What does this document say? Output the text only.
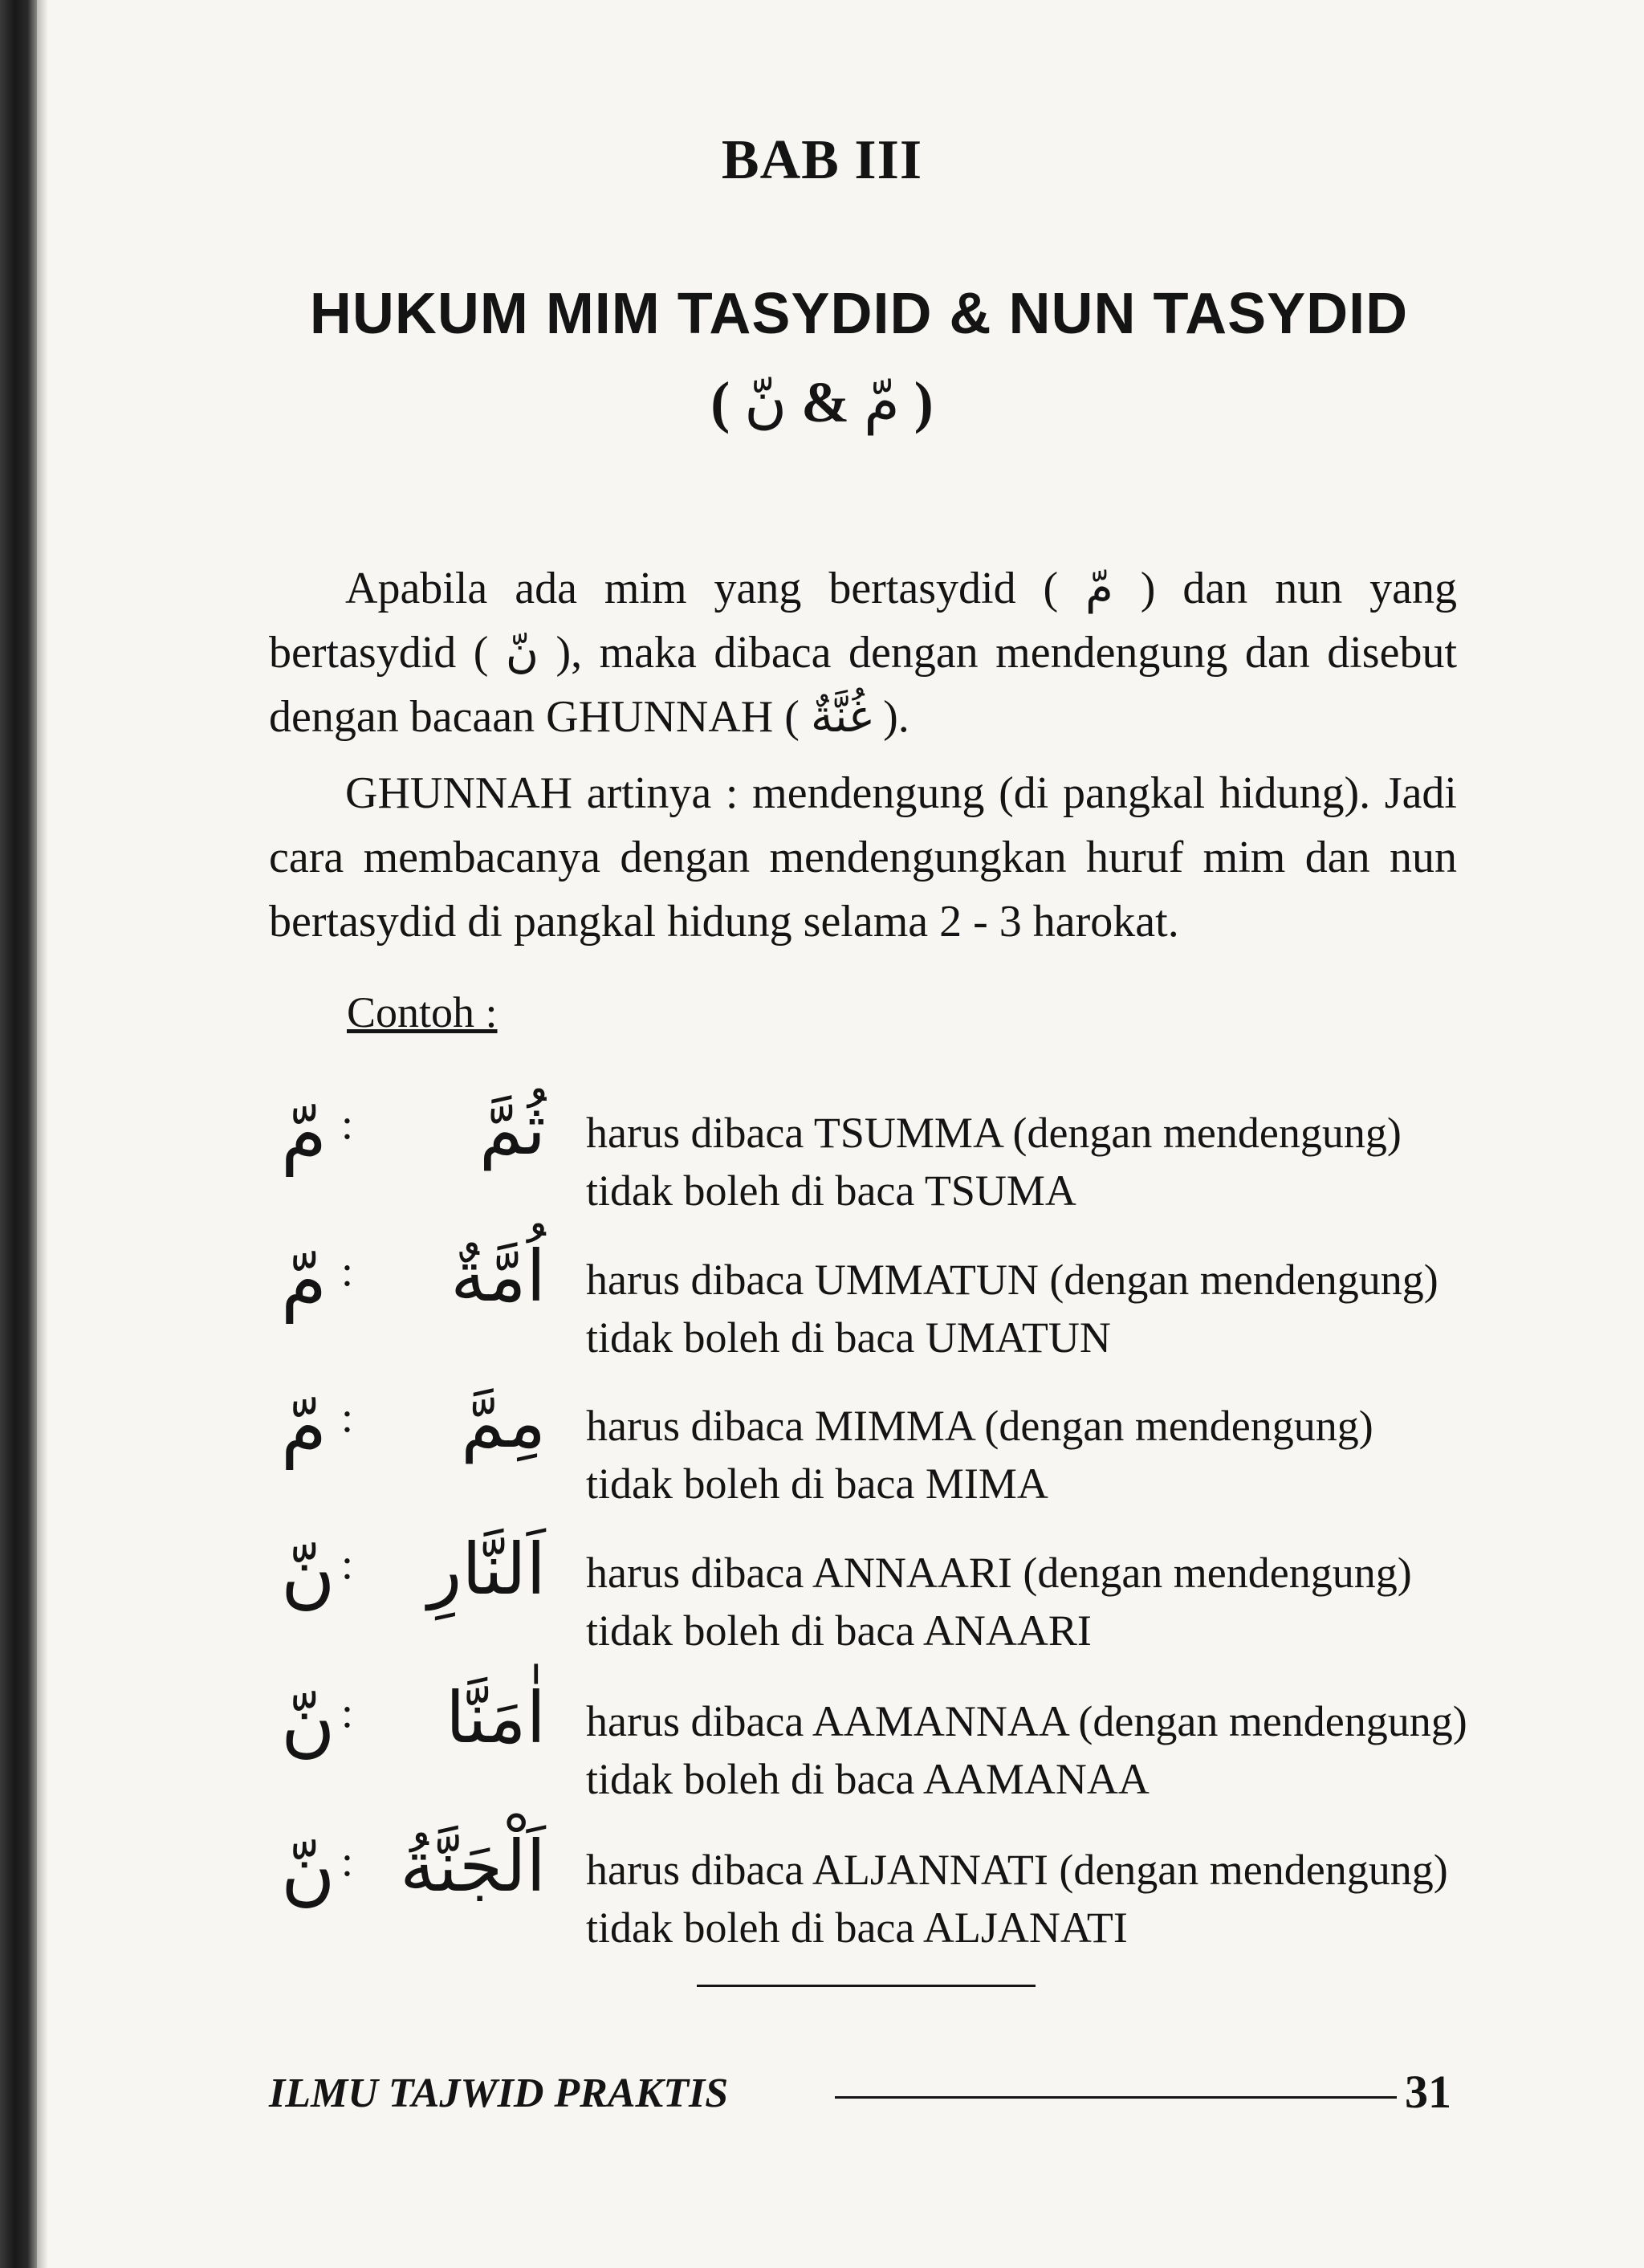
BAB III
HUKUM MIM TASYDID & NUN TASYDID
( مّ & نّ )
Apabila ada mim yang bertasydid ( مّ ) dan nun yang bertasydid ( نّ ), maka dibaca dengan mendengung dan disebut dengan bacaan GHUNNAH ( غُنَّةٌ ).
GHUNNAH artinya : mendengung (di pangkal hidung). Jadi cara membacanya dengan mendengungkan huruf mim dan nun bertasydid di pangkal hidung selama 2 - 3 harokat.
Contoh :
مّ :	ثُمَّ harus dibaca TSUMMA (dengan mendengung)
tidak boleh di baca TSUMA
مّ :	اُمَّةٌ harus dibaca UMMATUN (dengan mendengung)
tidak boleh di baca UMATUN
مّ :	مِمَّ harus dibaca MIMMA (dengan mendengung)
tidak boleh di baca MIMA
نّ :	اَلنَّارِ harus dibaca ANNAARI (dengan mendengung)
tidak boleh di baca ANAARI
نّ :	اٰمَنَّا harus dibaca AAMANNAA (dengan mendengung)
tidak boleh di baca AAMANAA
نّ : اَلْجَنَّةُ harus dibaca ALJANNATI (dengan mendengung)
tidak boleh di baca ALJANATI
ILMU TAJWID PRAKTIS	31
